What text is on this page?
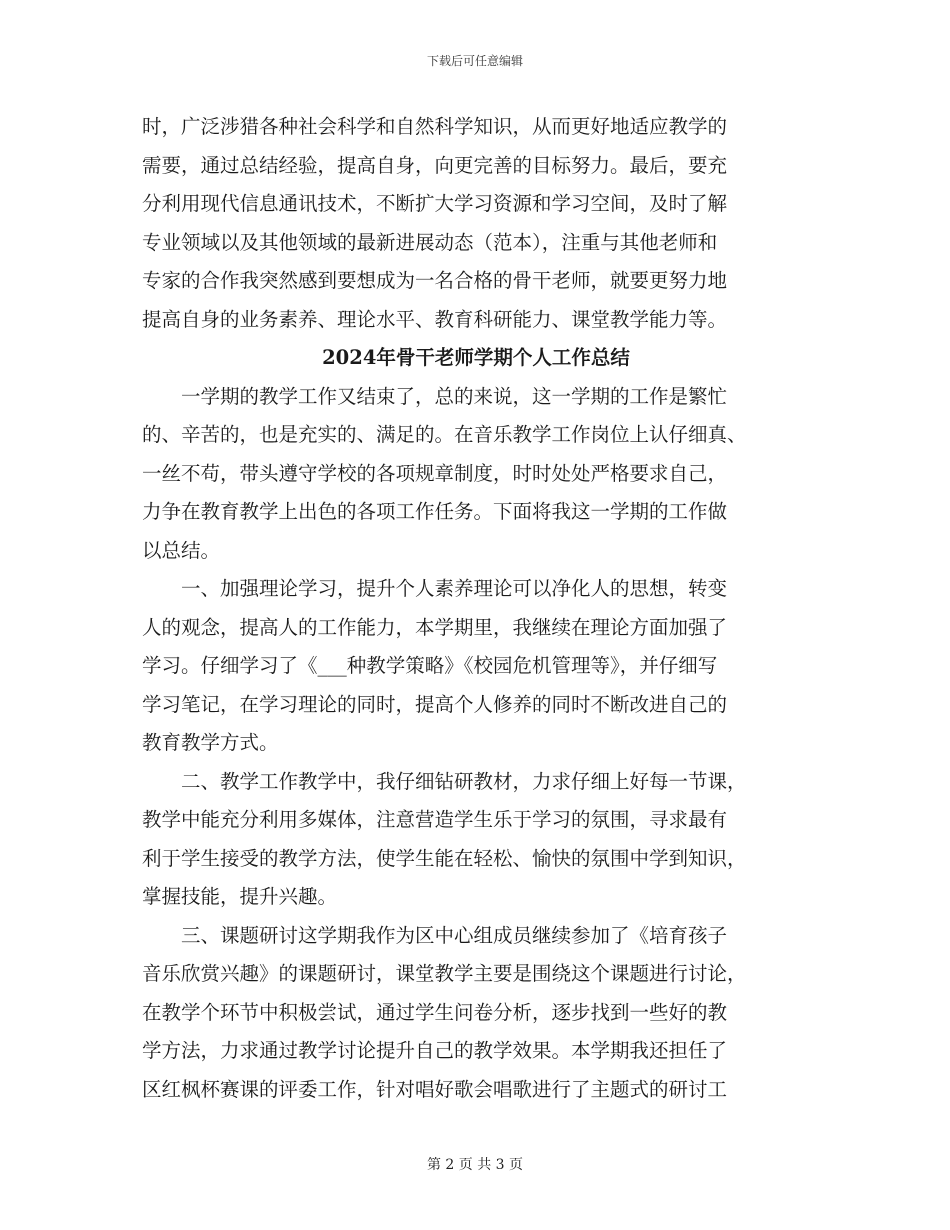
下载后可任意编辑
时，广泛涉猎各种社会科学和自然科学知识，从而更好地适应教学的
需要，通过总结经验，提高自身，向更完善的目标努力。最后，要充
分利用现代信息通讯技术，不断扩大学习资源和学习空间，及时了解
专业领域以及其他领域的最新进展动态（范本），注重与其他老师和
专家的合作我突然感到要想成为一名合格的骨干老师，就要更努力地
提高自身的业务素养、理论水平、教育科研能力、课堂教学能力等。
2024年骨干老师学期个人工作总结
　　一学期的教学工作又结束了，总的来说，这一学期的工作是繁忙
的、辛苦的，也是充实的、满足的。在音乐教学工作岗位上认仔细真、
一丝不苟，带头遵守学校的各项规章制度，时时处处严格要求自己，
力争在教育教学上出色的各项工作任务。下面将我这一学期的工作做
以总结。
　　一、加强理论学习，提升个人素养理论可以净化人的思想，转变
人的观念，提高人的工作能力，本学期里，我继续在理论方面加强了
学习。仔细学习了《___种教学策略》《校园危机管理等》，并仔细写
学习笔记，在学习理论的同时，提高个人修养的同时不断改进自己的
教育教学方式。
　　二、教学工作教学中，我仔细钻研教材，力求仔细上好每一节课，
教学中能充分利用多媒体，注意营造学生乐于学习的氛围，寻求最有
利于学生接受的教学方法，使学生能在轻松、愉快的氛围中学到知识，
掌握技能，提升兴趣。
　　三、课题研讨这学期我作为区中心组成员继续参加了《培育孩子
音乐欣赏兴趣》的课题研讨，课堂教学主要是围绕这个课题进行讨论，
在教学个环节中积极尝试，通过学生问卷分析，逐步找到一些好的教
学方法，力求通过教学讨论提升自己的教学效果。本学期我还担任了
区红枫杯赛课的评委工作，针对唱好歌会唱歌进行了主题式的研讨工
第 2 页 共 3 页
